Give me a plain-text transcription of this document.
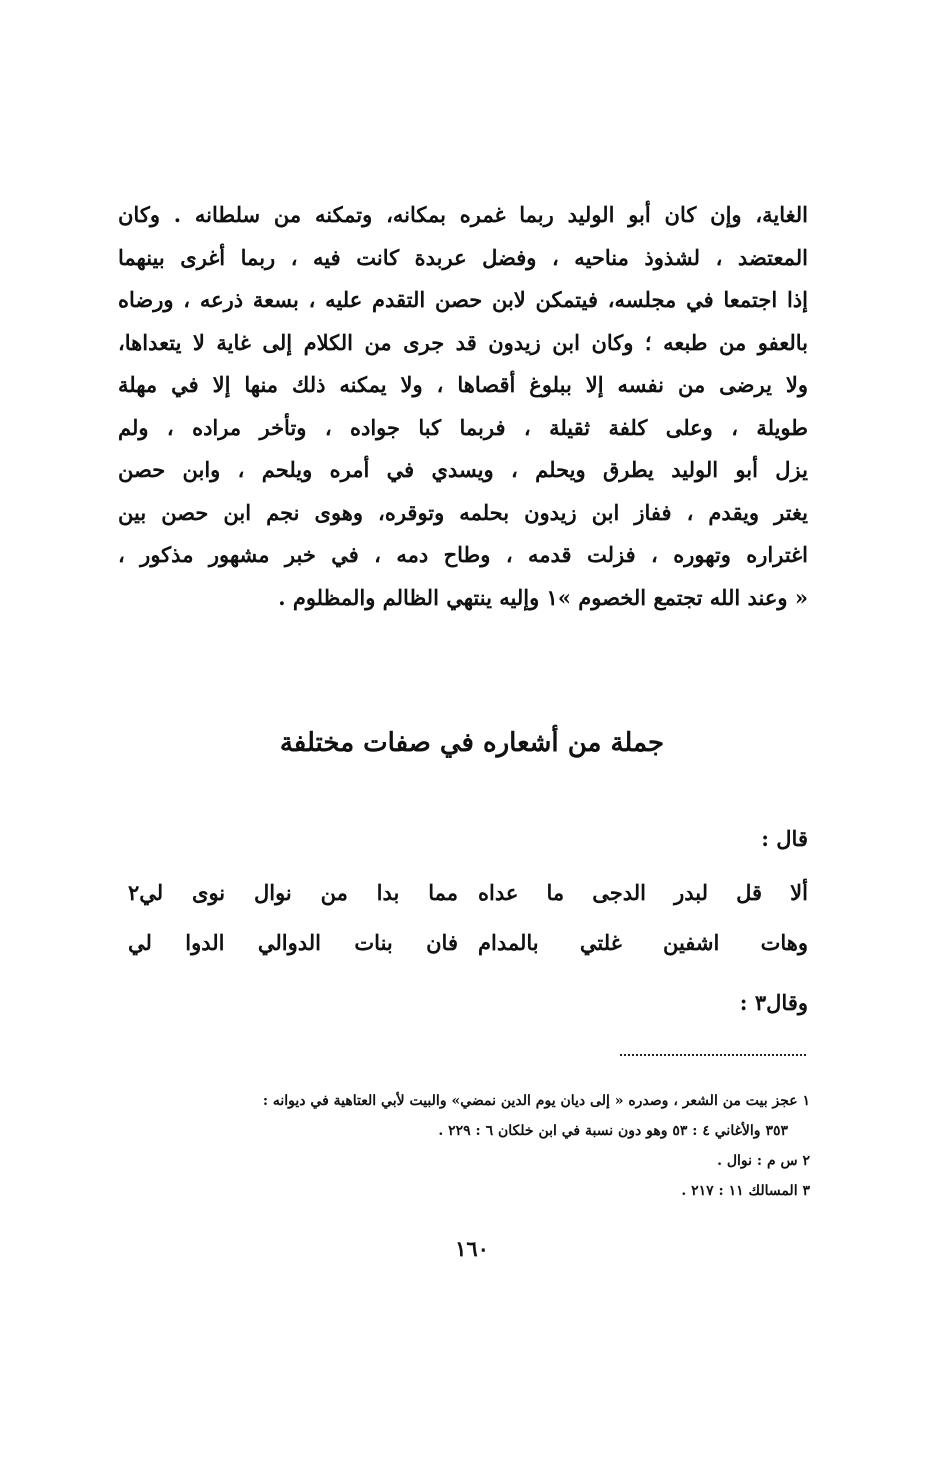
الغاية، وإن كان أبو الوليد ربما غمره بمكانه، وتمكنه من سلطانه . وكان
المعتضد ، لشذوذ مناحيه ، وفضل عربدة كانت فيه ، ربما أغرى بينهما
إذا اجتمعا في مجلسه، فيتمكن لابن حصن التقدم عليه ، بسعة ذرعه ، ورضاه
بالعفو من طبعه ؛ وكان ابن زيدون قد جرى من الكلام إلى غاية لا يتعداها،
ولا يرضى من نفسه إلا ببلوغ أقصاها ، ولا يمكنه ذلك منها إلا في مهلة
طويلة ، وعلى كلفة ثقيلة ، فربما كبا جواده ، وتأخر مراده ، ولم
يزل أبو الوليد يطرق ويحلم ، ويسدي في أمره ويلحم ، وابن حصن
يغتر ويقدم ، ففاز ابن زيدون بحلمه وتوقره، وهوى نجم ابن حصن بين
اغتراره وتهوره ، فزلت قدمه ، وطاح دمه ، في خبر مشهور مذكور ،
« وعند الله تجتمع الخصوم »١ وإليه ينتهي الظالم والمظلوم .
جملة من أشعاره في صفات مختلفة
قال :
ألا قل لبدر الدجى ما عداه
مما بدا من نوال نوى لي٢
وهات اشفين غلتي بالمدام
فان بنات الدوالي الدوا لي
وقال٣ :
١ عجز بيت من الشعر ، وصدره « إلى ديان يوم الدين نمضي» والبيت لأبي العتاهية في ديوانه :
٣٥٣ والأغاني ٤ : ٥٣ وهو دون نسبة في ابن خلكان ٦ : ٢٢٩ .
٢ س م : نوال .
٣ المسالك ١١ : ٢١٧ .
١٦٠
